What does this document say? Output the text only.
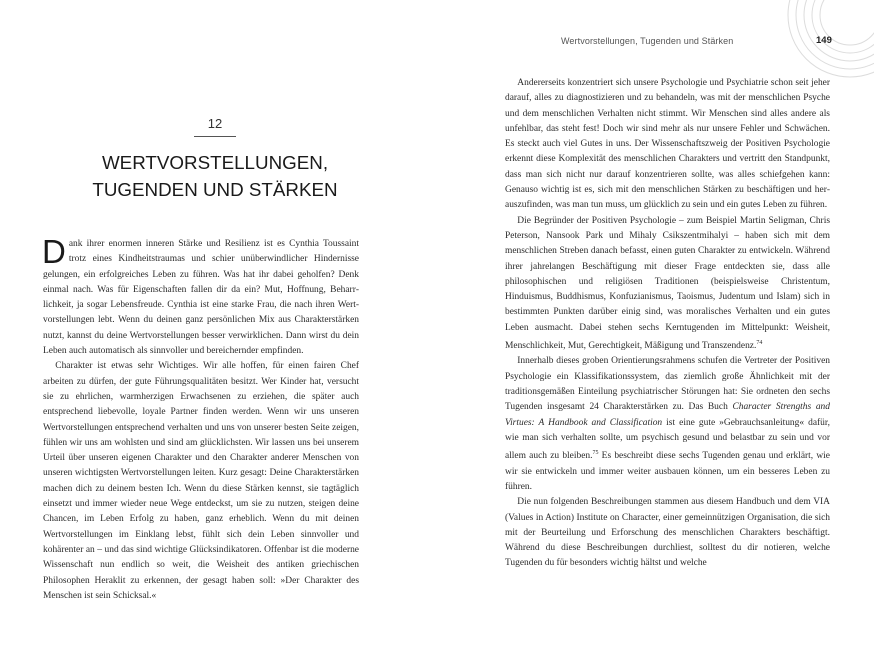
12
WERTVORSTELLUNGEN,
TUGENDEN UND STÄRKEN

Dank ihrer enormen inneren Stärke und Resilienz ist es Cynthia Toussaint trotz eines Kindheitstraumas und schier unüberwindlicher Hindernisse gelungen, ein erfolgreiches Leben zu führen. Was hat ihr dabei geholfen? Denk einmal nach. Was für Eigenschaften fallen dir da ein? Mut, Hoffnung, Beharrlichkeit, ja sogar Lebensfreude. Cynthia ist eine starke Frau, die nach ihren Wertvorstellungen lebt. Wenn du deinen ganz persönlichen Mix aus Charakterstärken nutzt, kannst du deine Wertvorstellungen besser verwirklichen. Dann wirst du dein Leben auch automatisch als sinnvoller und bereichernder empfinden.

Charakter ist etwas sehr Wichtiges. Wir alle hoffen, für einen fairen Chef arbeiten zu dürfen, der gute Führungsqualitäten besitzt. Wer Kinder hat, versucht sie zu ehrlichen, warmherzigen Erwachsenen zu erziehen, die später auch entsprechend liebevolle, loyale Partner finden werden. Wenn wir uns unseren Wertvorstellungen entsprechend verhalten und uns von unserer besten Seite zeigen, fühlen wir uns am wohlsten und sind am glücklichsten. Wir lassen uns bei unserem Urteil über unseren eigenen Charakter und den Charakter anderer Menschen von unseren wichtigsten Wertvorstellungen leiten. Kurz gesagt: Deine Charakterstärken machen dich zu deinem besten Ich. Wenn du diese Stärken kennst, sie tagtäglich einsetzt und immer wieder neue Wege entdeckst, um sie zu nutzen, steigen deine Chancen, im Leben Erfolg zu haben, ganz erheblich. Wenn du mit deinen Wertvorstellungen im Einklang lebst, fühlt sich dein Leben sinnvoller und kohärenter an – und das sind wichtige Glücksindikatoren. Offenbar ist die moderne Wissenschaft nun endlich so weit, die Weisheit des antiken griechischen Philosophen Heraklit zu erkennen, der gesagt haben soll: »Der Charakter des Menschen ist sein Schicksal.«

Wertvorstellungen, Tugenden und Stärken	149

Andererseits konzentriert sich unsere Psychologie und Psychiatrie schon seit jeher darauf, alles zu diagnostizieren und zu behandeln, was mit der menschlichen Psyche und dem menschlichen Verhalten nicht stimmt. Wir Menschen sind alles andere als unfehlbar, das steht fest! Doch wir sind mehr als nur unsere Fehler und Schwächen. Es steckt auch viel Gutes in uns. Der Wissenschaftszweig der Positiven Psychologie erkennt diese Komplexität des menschlichen Charakters und vertritt den Standpunkt, dass man sich nicht nur darauf konzentrieren sollte, was alles schiefgehen kann: Genauso wichtig ist es, sich mit den menschlichen Stärken zu beschäftigen und herauszufinden, was man tun muss, um glücklich zu sein und ein gutes Leben zu führen.

Die Begründer der Positiven Psychologie – zum Beispiel Martin Seligman, Chris Peterson, Nansook Park und Mihaly Csikszentmihalyi – haben sich mit dem menschlichen Streben danach befasst, einen guten Charakter zu entwickeln. Während ihrer jahrelangen Beschäftigung mit dieser Frage entdeckten sie, dass alle philosophischen und religiösen Traditionen (beispielsweise Christentum, Hinduismus, Buddhismus, Konfuzianismus, Taoismus, Judentum und Islam) sich in bestimmten Punkten darüber einig sind, was moralisches Verhalten und ein gutes Leben ausmacht. Dabei stehen sechs Kerntugenden im Mittelpunkt: Weisheit, Menschlichkeit, Mut, Gerechtigkeit, Mäßigung und Transzendenz.$^{74}$

Innerhalb dieses groben Orientierungsrahmens schufen die Vertreter der Positiven Psychologie ein Klassifikationssystem, das ziemlich große Ähnlichkeit mit der traditionsgemäßen Einteilung psychiatrischer Störungen hat: Sie ordneten den sechs Tugenden insgesamt 24 Charakterstärken zu. Das Buch Character Strengths and Virtues: A Handbook and Classification ist eine gute »Gebrauchsanleitung« dafür, wie man sich verhalten sollte, um psychisch gesund und belastbar zu sein und vor allem auch zu bleiben.$^{75}$ Es beschreibt diese sechs Tugenden genau und erklärt, wie wir sie entwickeln und immer weiter ausbauen können, um ein besseres Leben zu führen.

Die nun folgenden Beschreibungen stammen aus diesem Handbuch und dem VIA (Values in Action) Institute on Character, einer gemeinnützigen Organisation, die sich mit der Beurteilung und Erforschung des menschlichen Charakters beschäftigt. Während du diese Beschreibungen durchliest, solltest du dir notieren, welche Tugenden du für besonders wichtig hältst und welche
